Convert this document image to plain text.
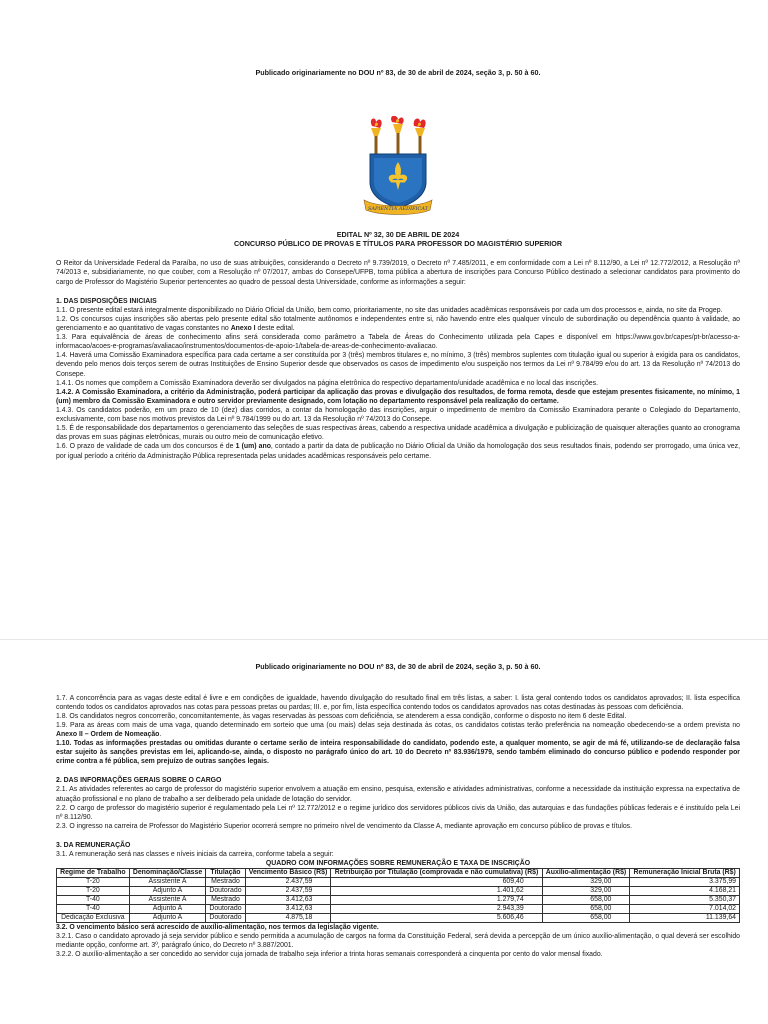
Publicado originariamente no DOU nº 83, de 30 de abril de 2024, seção 3, p. 50 à 60.

SAPIENTIA AEDIFICAT
EDITAL Nº 32, 30 DE ABRIL DE 2024
CONCURSO PÚBLICO DE PROVAS E TÍTULOS PARA PROFESSOR DO MAGISTÉRIO SUPERIOR

O Reitor da Universidade Federal da Paraíba, no uso de suas atribuições, considerando o Decreto nº 9.739/2019, o Decreto nº 7.485/2011, e em conformidade com a Lei nº 8.112/90, a Lei nº 12.772/2012, a Resolução nº 74/2013 e, subsidiariamente, no que couber, com a Resolução nº 07/2017, ambas do Consepe/UFPB, torna pública a abertura de inscrições para Concurso Público destinado a selecionar candidatos para provimento do cargo de Professor do Magistério Superior pertencentes ao quadro de pessoal desta Universidade, conforme as informações a seguir:

1. DAS DISPOSIÇÕES INICIAIS

1.1. O presente edital estará integralmente disponibilizado no Diário Oficial da União, bem como, prioritariamente, no site das unidades acadêmicas responsáveis por cada um dos processos e, ainda, no site da Progep.

1.2. Os concursos cujas inscrições são abertas pelo presente edital são totalmente autônomos e independentes entre si, não havendo entre eles qualquer vínculo de subordinação ou dependência quanto à validade, ao gerenciamento e ao quantitativo de vagas constantes no Anexo I deste edital.

1.3. Para equivalência de áreas de conhecimento afins será considerada como parâmetro a Tabela de Áreas do Conhecimento utilizada pela Capes e disponível em https://www.gov.br/capes/pt-br/acesso-a-informacao/acoes-e-programas/avaliacao/instrumentos/documentos-de-apoio-1/tabela-de-areas-de-conhecimento-avaliacao.

1.4. Haverá uma Comissão Examinadora específica para cada certame a ser constituída por 3 (três) membros titulares e, no mínimo, 3 (três) membros suplentes com titulação igual ou superior à exigida para os candidatos, devendo pelo menos dois terços serem de outras Instituições de Ensino Superior desde que observados os casos de impedimento e/ou suspeição nos termos da Lei nº 9.784/99 e/ou do art. 13 da Resolução nº 74/2013 do Consepe.

1.4.1. Os nomes que compõem a Comissão Examinadora deverão ser divulgados na página eletrônica do respectivo departamento/unidade acadêmica e no local das inscrições.

1.4.2. A Comissão Examinadora, a critério da Administração, poderá participar da aplicação das provas e divulgação dos resultados, de forma remota, desde que estejam presentes fisicamente, no mínimo, 1 (um) membro da Comissão Examinadora e outro servidor previamente designado, com lotação no departamento responsável pela realização do certame.

1.4.3. Os candidatos poderão, em um prazo de 10 (dez) dias corridos, a contar da homologação das inscrições, arguir o impedimento de membro da Comissão Examinadora perante o Colegiado do Departamento, exclusivamente, com base nos motivos previstos da Lei nº 9.784/1999 ou do art. 13 da Resolução nº 74/2013 do Consepe.

1.5. É de responsabilidade dos departamentos o gerenciamento das seleções de suas respectivas áreas, cabendo a respectiva unidade acadêmica a divulgação e publicização de quaisquer alterações quanto ao cronograma das provas em suas páginas eletrônicas, murais ou outro meio de comunicação efetivo.

1.6. O prazo de validade de cada um dos concursos é de 1 (um) ano, contado a partir da data de publicação no Diário Oficial da União da homologação dos seus resultados finais, podendo ser prorrogado, uma única vez, por igual período a critério da Administração Pública representada pelas unidades acadêmicas responsáveis pelo certame.

Publicado originariamente no DOU nº 83, de 30 de abril de 2024, seção 3, p. 50 à 60.

1.7. A concorrência para as vagas deste edital é livre e em condições de igualdade, havendo divulgação do resultado final em três listas, a saber: I. lista geral contendo todos os candidatos aprovados; II. lista específica contendo todos os candidatos aprovados nas cotas para pessoas pretas ou pardas; III. e, por fim, lista específica contendo todos os candidatos aprovados nas cotas destinadas às pessoas com deficiência.

1.8. Os candidatos negros concorrerão, concomitantemente, às vagas reservadas às pessoas com deficiência, se atenderem a essa condição, conforme o disposto no item 6 deste Edital.

1.9. Para as áreas com mais de uma vaga, quando determinado em sorteio que uma (ou mais) delas seja destinada às cotas, os candidatos cotistas terão preferência na nomeação obedecendo-se a ordem prevista no Anexo II – Ordem de Nomeação.

1.10. Todas as informações prestadas ou omitidas durante o certame serão de inteira responsabilidade do candidato, podendo este, a qualquer momento, se agir de má fé, utilizando-se de declaração falsa estar sujeito às sanções previstas em lei, aplicando-se, ainda, o disposto no parágrafo único do art. 10 do Decreto nº 83.936/1979, sendo também eliminado do concurso público e podendo responder por crime contra a fé pública, sem prejuízo de outras sanções legais.

2. DAS INFORMAÇÕES GERAIS SOBRE O CARGO

2.1. As atividades referentes ao cargo de professor do magistério superior envolvem a atuação em ensino, pesquisa, extensão e atividades administrativas, conforme a necessidade da instituição expressa na expectativa de atuação profissional e no plano de trabalho a ser deliberado pela unidade de lotação do servidor.

2.2. O cargo de professor do magistério superior é regulamentado pela Lei nº 12.772/2012 e o regime jurídico dos servidores públicos civis da União, das autarquias e das fundações públicas federais e é instituído pela Lei nº 8.112/90.

2.3. O ingresso na carreira de Professor do Magistério Superior ocorrerá sempre no primeiro nível de vencimento da Classe A, mediante aprovação em concurso público de provas e títulos.

3. DA REMUNERAÇÃO

3.1. A remuneração será nas classes e níveis iniciais da carreira, conforme tabela a seguir:

QUADRO COM INFORMAÇÕES SOBRE REMUNERAÇÃO E TAXA DE INSCRIÇÃO
Regime de Trabalho	Denominação/Classe	Titulação	Vencimento Básico (R$)	Retribuição por Titulação (comprovada e não cumulativa) (R$)	Auxílio-alimentação (R$)	Remuneração Inicial Bruta (R$)
T-20	Assistente A	Mestrado	2.437,59	609,40	329,00	3.375,99
T-20	Adjunto A	Doutorado	2.437,59	1.401,62	329,00	4.168,21
T-40	Assistente A	Mestrado	3.412,63	1.279,74	658,00	5.350,37
T-40	Adjunto A	Doutorado	3.412,63	2.943,39	658,00	7.014,02
Dedicação Exclusiva	Adjunto A	Doutorado	4.875,18	5.606,46	658,00	11.139,64

3.2. O vencimento básico será acrescido de auxílio-alimentação, nos termos da legislação vigente.

3.2.1. Caso o candidato aprovado já seja servidor público e sendo permitida a acumulação de cargos na forma da Constituição Federal, será devida a percepção de um único auxílio-alimentação, o qual deverá ser escolhido mediante opção, conforme art. 3º, parágrafo único, do Decreto nº 3.887/2001.

3.2.2. O auxílio-alimentação a ser concedido ao servidor cuja jornada de trabalho seja inferior a trinta horas semanais corresponderá a cinquenta por cento do valor mensal fixado.
